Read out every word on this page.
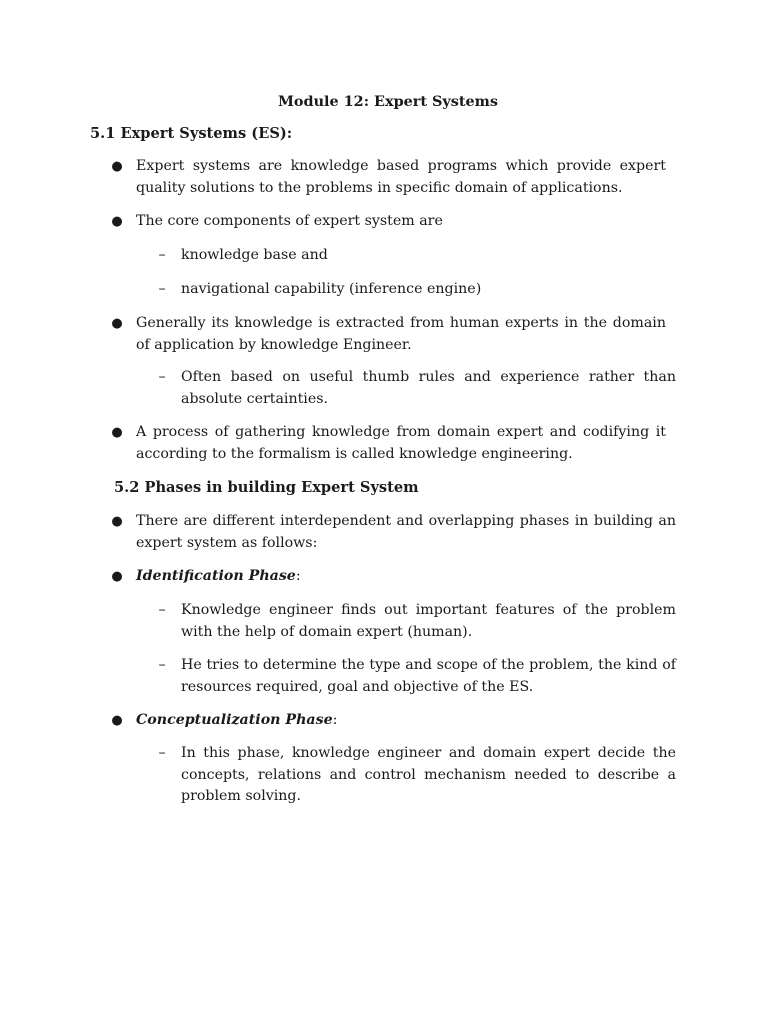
Module 12: Expert Systems
5.1 Expert Systems (ES):
● Expert systems are knowledge based programs which provide expert quality solutions to the problems in specific domain of applications.
● The core components of expert system are
– knowledge base and
– navigational capability (inference engine)
● Generally its knowledge is extracted from human experts in the domain of application by knowledge Engineer.
– Often based on useful thumb rules and experience rather than absolute certainties.
● A process of gathering knowledge from domain expert and codifying it according to the formalism is called knowledge engineering.
5.2 Phases in building Expert System
● There are different interdependent and overlapping phases in building an expert system as follows:
● Identification Phase:
– Knowledge engineer finds out important features of the problem with the help of domain expert (human).
– He tries to determine the type and scope of the problem, the kind of resources required, goal and objective of the ES.
● Conceptualization Phase:
– In this phase, knowledge engineer and domain expert decide the concepts, relations and control mechanism needed to describe a problem solving.
